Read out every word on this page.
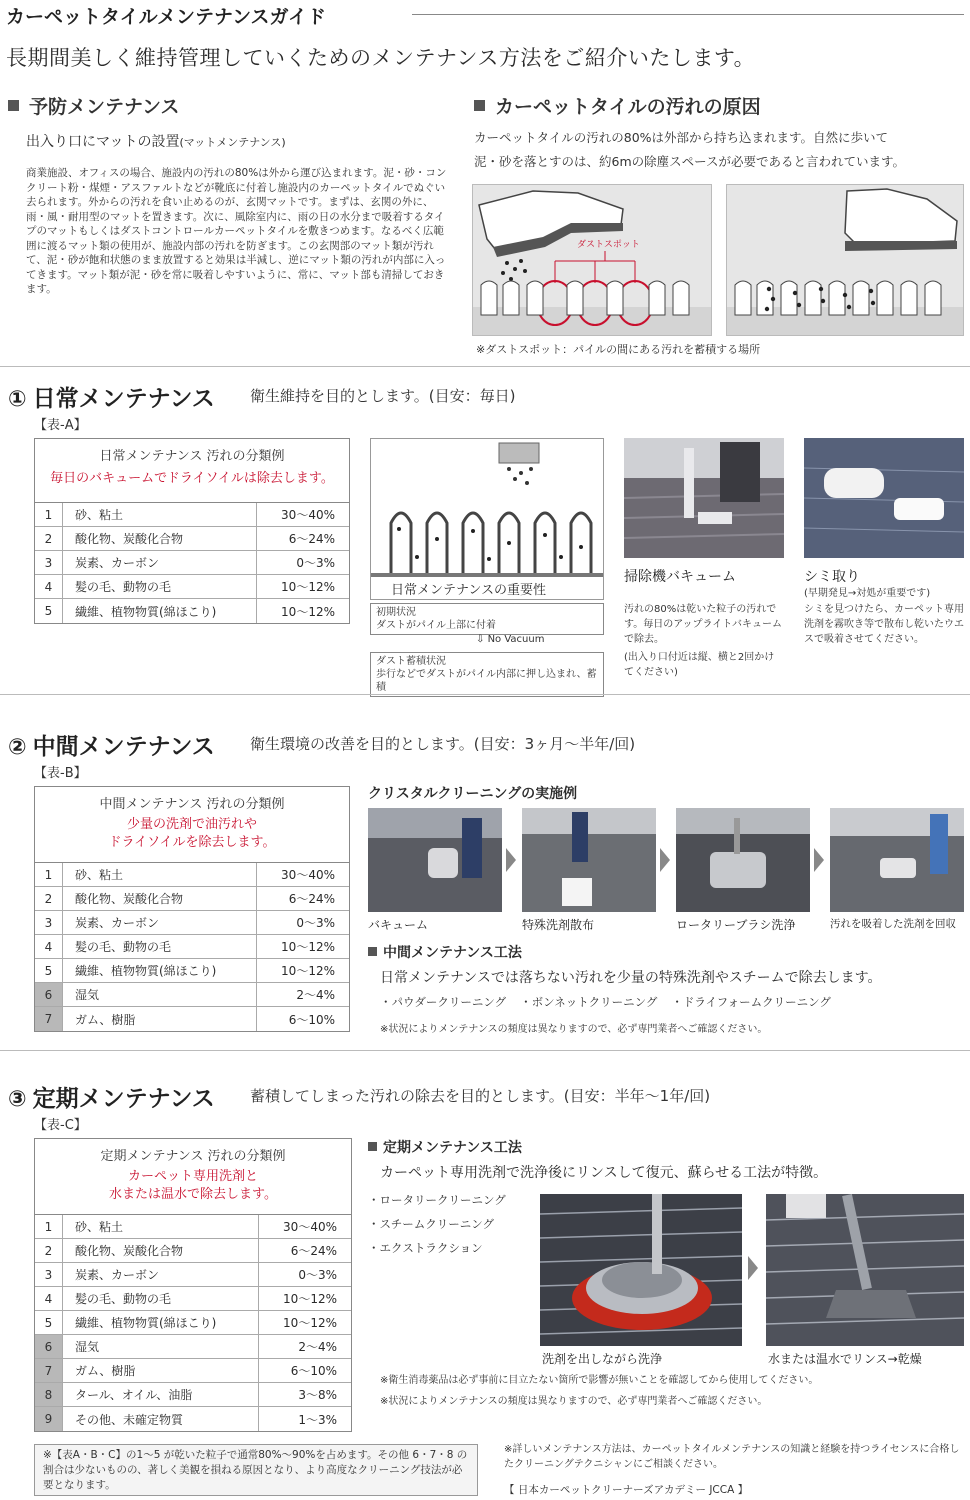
カーペットタイルメンテナンスガイド
長期間美しく維持管理していくためのメンテナンス方法をご紹介いたします。
予防メンテナンス
出入り口にマットの設置(マットメンテナンス)
商業施設、オフィスの場合、施設内の汚れの80%は外から運び込まれます。泥・砂・コンクリート粉・煤煙・アスファルトなどが靴底に付着し施設内のカーペットタイルでぬぐい去られます。外からの汚れを食い止めるのが、玄関マットです。まずは、玄関の外に、雨・風・耐用型のマットを置きます。次に、風除室内に、雨の日の水分まで吸着するタイプのマットもしくはダストコントロールカーペットタイルを敷きつめます。なるべく広範囲に渡るマット類の使用が、施設内部の汚れを防ぎます。この玄関部のマット類が汚れて、泥・砂が飽和状態のまま放置すると効果は半減し、逆にマット類の汚れが内部に入ってきます。マット類が泥・砂を常に吸着しやすいように、常に、マット部も清掃しておきます。
カーペットタイルの汚れの原因
カーペットタイルの汚れの80%は外部から持ち込まれます。自然に歩いて
泥・砂を落とすのは、約6mの除塵スペースが必要であると言われています。
ダストスポット
※ダストスポット：パイルの間にある汚れを蓄積する場所
① 日常メンテナンス 衛生維持を目的とします。(目安：毎日)
【表-A】
日常メンテナンス 汚れの分類例
毎日のバキュームでドライソイルは除去します。
1	砂、粘土	30〜40%
2	酸化物、炭酸化合物	6〜24%
3	炭素、カーボン	0〜3%
4	髪の毛、動物の毛	10〜12%
5	繊維、植物物質(綿ほこり)	10〜12%
日常メンテナンスの重要性
初期状況
ダストがパイル上部に付着
⇩ No Vacuum
ダスト蓄積状況
歩行などでダストがパイル内部に押し込まれ、蓄積
掃除機バキューム
汚れの80%は乾いた粒子の汚れです。毎日のアップライトバキュームで除去。
(出入り口付近は縦、横と2回かけてください)
シミ取り
(早期発見→対処が重要です)
シミを見つけたら、カーペット専用洗剤を霧吹き等で散布し乾いたウエスで吸着させてください。
② 中間メンテナンス 衛生環境の改善を目的とします。(目安：3ヶ月〜半年/回)
【表-B】
中間メンテナンス 汚れの分類例
少量の洗剤で油汚れや
ドライソイルを除去します。
1	砂、粘土	30〜40%
2	酸化物、炭酸化合物	6〜24%
3	炭素、カーボン	0〜3%
4	髪の毛、動物の毛	10〜12%
5	繊維、植物物質(綿ほこり)	10〜12%
6	湿気	2〜4%
7	ガム、樹脂	6〜10%
クリスタルクリーニングの実施例
バキューム	特殊洗剤散布	ロータリーブラシ洗浄	汚れを吸着した洗剤を回収
中間メンテナンス工法
日常メンテナンスでは落ちない汚れを少量の特殊洗剤やスチームで除去します。
・パウダークリーニング ・ボンネットクリーニング ・ドライフォームクリーニング
※状況によりメンテナンスの頻度は異なりますので、必ず専門業者へご確認ください。
③ 定期メンテナンス 蓄積してしまった汚れの除去を目的とします。(目安：半年〜1年/回)
【表-C】
定期メンテナンス 汚れの分類例
カーペット専用洗剤と
水または温水で除去します。
1	砂、粘土	30〜40%
2	酸化物、炭酸化合物	6〜24%
3	炭素、カーボン	0〜3%
4	髪の毛、動物の毛	10〜12%
5	繊維、植物物質(綿ほこり)	10〜12%
6	湿気	2〜4%
7	ガム、樹脂	6〜10%
8	タール、オイル、油脂	3〜8%
9	その他、未確定物質	1〜3%
定期メンテナンス工法
カーペット専用洗剤で洗浄後にリンスして復元、蘇らせる工法が特徴。
・ロータリークリーニング
・スチームクリーニング
・エクストラクション
洗剤を出しながら洗浄	水または温水でリンス→乾燥
※衛生消毒薬品は必ず事前に目立たない箇所で影響が無いことを確認してから使用してください。
※状況によりメンテナンスの頻度は異なりますので、必ず専門業者へご確認ください。
※【表A・B・C】の1〜5 が乾いた粒子で通常80%〜90%を占めます。その他 6・7・8 の割合は少ないものの、著しく美観を損ねる原因となり、より高度なクリーニング技法が必要となります。
※詳しいメンテナンス方法は、カーペットタイルメンテナンスの知識と経験を持つライセンスに合格したクリーニングテクニシャンにご相談ください。
【 日本カーペットクリーナーズアカデミー JCCA 】
